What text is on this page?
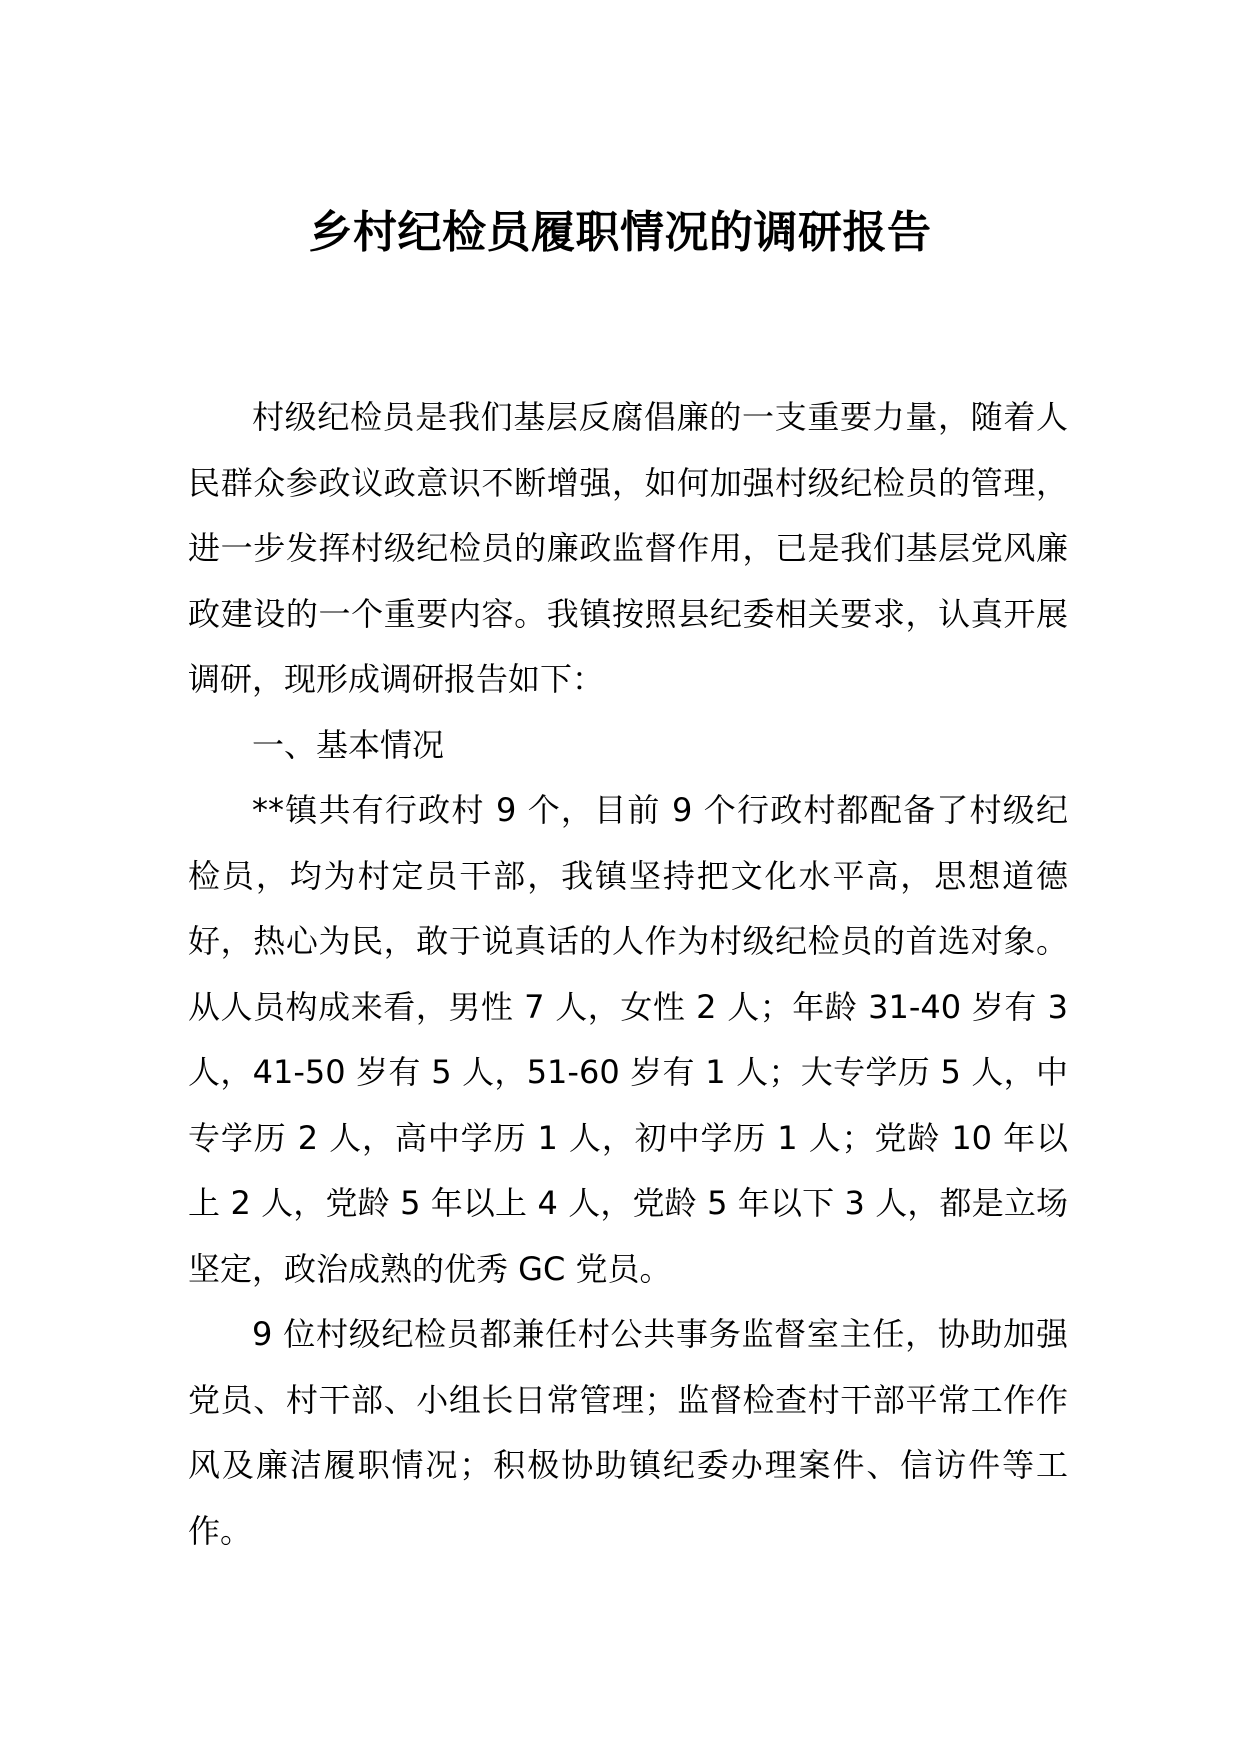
乡村纪检员履职情况的调研报告

村级纪检员是我们基层反腐倡廉的一支重要力量，随着人民群众参政议政意识不断增强，如何加强村级纪检员的管理，进一步发挥村级纪检员的廉政监督作用，已是我们基层党风廉政建设的一个重要内容。我镇按照县纪委相关要求，认真开展调研，现形成调研报告如下：

一、基本情况

**镇共有行政村 9 个，目前 9 个行政村都配备了村级纪检员，均为村定员干部，我镇坚持把文化水平高，思想道德好，热心为民，敢于说真话的人作为村级纪检员的首选对象。从人员构成来看，男性 7 人，女性 2 人；年龄 31-40 岁有 3 人，41-50 岁有 5 人，51-60 岁有 1 人；大专学历 5 人，中专学历 2 人，高中学历 1 人，初中学历 1 人；党龄 10 年以上 2 人，党龄 5 年以上 4 人，党龄 5 年以下 3 人，都是立场坚定，政治成熟的优秀 GC 党员。

9 位村级纪检员都兼任村公共事务监督室主任，协助加强党员、村干部、小组长日常管理；监督检查村干部平常工作作风及廉洁履职情况；积极协助镇纪委办理案件、信访件等工作。
